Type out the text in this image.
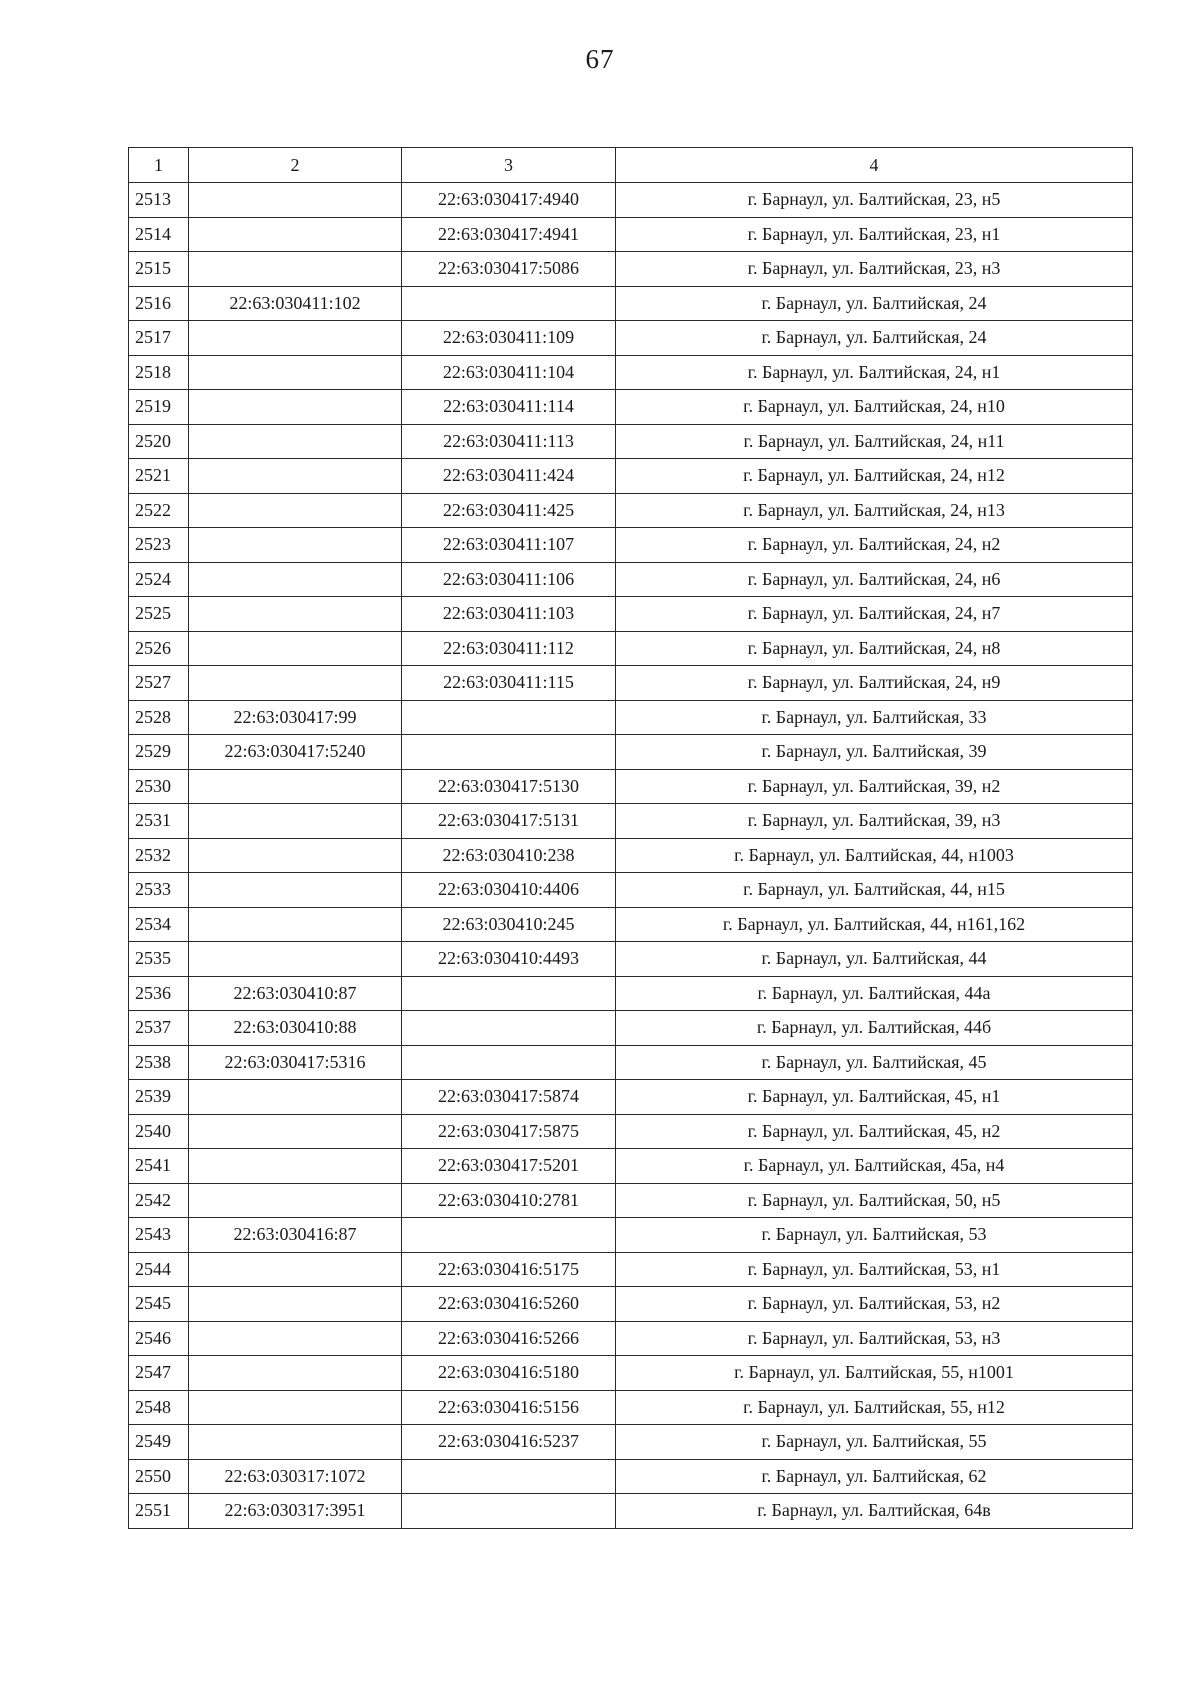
67
1	2	3	4
2513		22:63:030417:4940	г. Барнаул, ул. Балтийская, 23, н5
2514		22:63:030417:4941	г. Барнаул, ул. Балтийская, 23, н1
2515		22:63:030417:5086	г. Барнаул, ул. Балтийская, 23, н3
2516	22:63:030411:102		г. Барнаул, ул. Балтийская, 24
2517		22:63:030411:109	г. Барнаул, ул. Балтийская, 24
2518		22:63:030411:104	г. Барнаул, ул. Балтийская, 24, н1
2519		22:63:030411:114	г. Барнаул, ул. Балтийская, 24, н10
2520		22:63:030411:113	г. Барнаул, ул. Балтийская, 24, н11
2521		22:63:030411:424	г. Барнаул, ул. Балтийская, 24, н12
2522		22:63:030411:425	г. Барнаул, ул. Балтийская, 24, н13
2523		22:63:030411:107	г. Барнаул, ул. Балтийская, 24, н2
2524		22:63:030411:106	г. Барнаул, ул. Балтийская, 24, н6
2525		22:63:030411:103	г. Барнаул, ул. Балтийская, 24, н7
2526		22:63:030411:112	г. Барнаул, ул. Балтийская, 24, н8
2527		22:63:030411:115	г. Барнаул, ул. Балтийская, 24, н9
2528	22:63:030417:99		г. Барнаул, ул. Балтийская, 33
2529	22:63:030417:5240		г. Барнаул, ул. Балтийская, 39
2530		22:63:030417:5130	г. Барнаул, ул. Балтийская, 39, н2
2531		22:63:030417:5131	г. Барнаул, ул. Балтийская, 39, н3
2532		22:63:030410:238	г. Барнаул, ул. Балтийская, 44, н1003
2533		22:63:030410:4406	г. Барнаул, ул. Балтийская, 44, н15
2534		22:63:030410:245	г. Барнаул, ул. Балтийская, 44, н161,162
2535		22:63:030410:4493	г. Барнаул, ул. Балтийская, 44
2536	22:63:030410:87		г. Барнаул, ул. Балтийская, 44а
2537	22:63:030410:88		г. Барнаул, ул. Балтийская, 44б
2538	22:63:030417:5316		г. Барнаул, ул. Балтийская, 45
2539		22:63:030417:5874	г. Барнаул, ул. Балтийская, 45, н1
2540		22:63:030417:5875	г. Барнаул, ул. Балтийская, 45, н2
2541		22:63:030417:5201	г. Барнаул, ул. Балтийская, 45а, н4
2542		22:63:030410:2781	г. Барнаул, ул. Балтийская, 50, н5
2543	22:63:030416:87		г. Барнаул, ул. Балтийская, 53
2544		22:63:030416:5175	г. Барнаул, ул. Балтийская, 53, н1
2545		22:63:030416:5260	г. Барнаул, ул. Балтийская, 53, н2
2546		22:63:030416:5266	г. Барнаул, ул. Балтийская, 53, н3
2547		22:63:030416:5180	г. Барнаул, ул. Балтийская, 55, н1001
2548		22:63:030416:5156	г. Барнаул, ул. Балтийская, 55, н12
2549		22:63:030416:5237	г. Барнаул, ул. Балтийская, 55
2550	22:63:030317:1072		г. Барнаул, ул. Балтийская, 62
2551	22:63:030317:3951		г. Барнаул, ул. Балтийская, 64в
